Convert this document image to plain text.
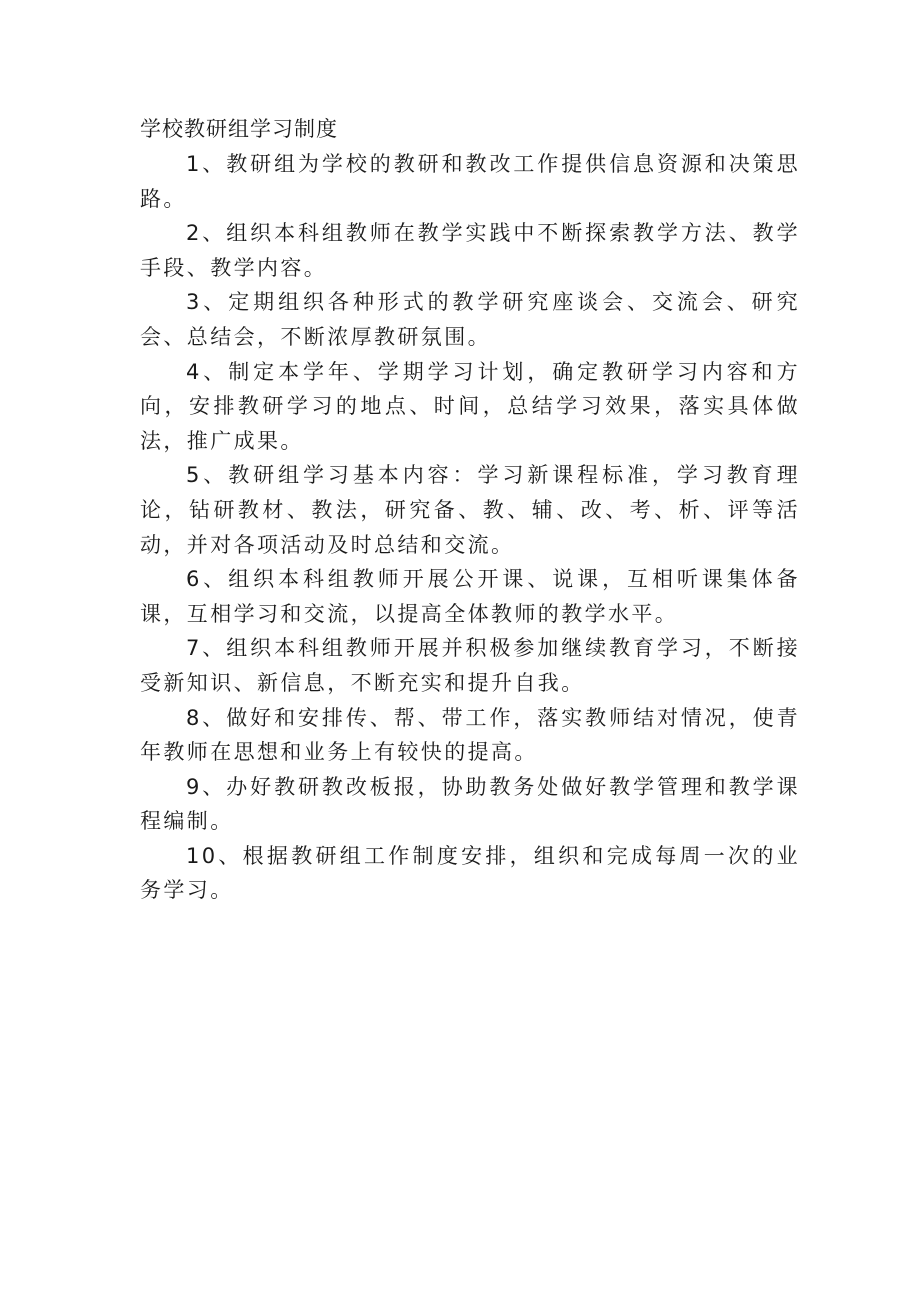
学校教研组学习制度
1、教研组为学校的教研和教改工作提供信息资源和决策思路。
2、组织本科组教师在教学实践中不断探索教学方法、教学手段、教学内容。
3、定期组织各种形式的教学研究座谈会、交流会、研究会、总结会，不断浓厚教研氛围。
4、制定本学年、学期学习计划，确定教研学习内容和方向，安排教研学习的地点、时间，总结学习效果，落实具体做法，推广成果。
5、教研组学习基本内容：学习新课程标准，学习教育理论，钻研教材、教法，研究备、教、辅、改、考、析、评等活动，并对各项活动及时总结和交流。
6、组织本科组教师开展公开课、说课，互相听课集体备课，互相学习和交流，以提高全体教师的教学水平。
7、组织本科组教师开展并积极参加继续教育学习，不断接受新知识、新信息，不断充实和提升自我。
8、做好和安排传、帮、带工作，落实教师结对情况，使青年教师在思想和业务上有较快的提高。
9、办好教研教改板报，协助教务处做好教学管理和教学课程编制。
10、根据教研组工作制度安排，组织和完成每周一次的业务学习。
